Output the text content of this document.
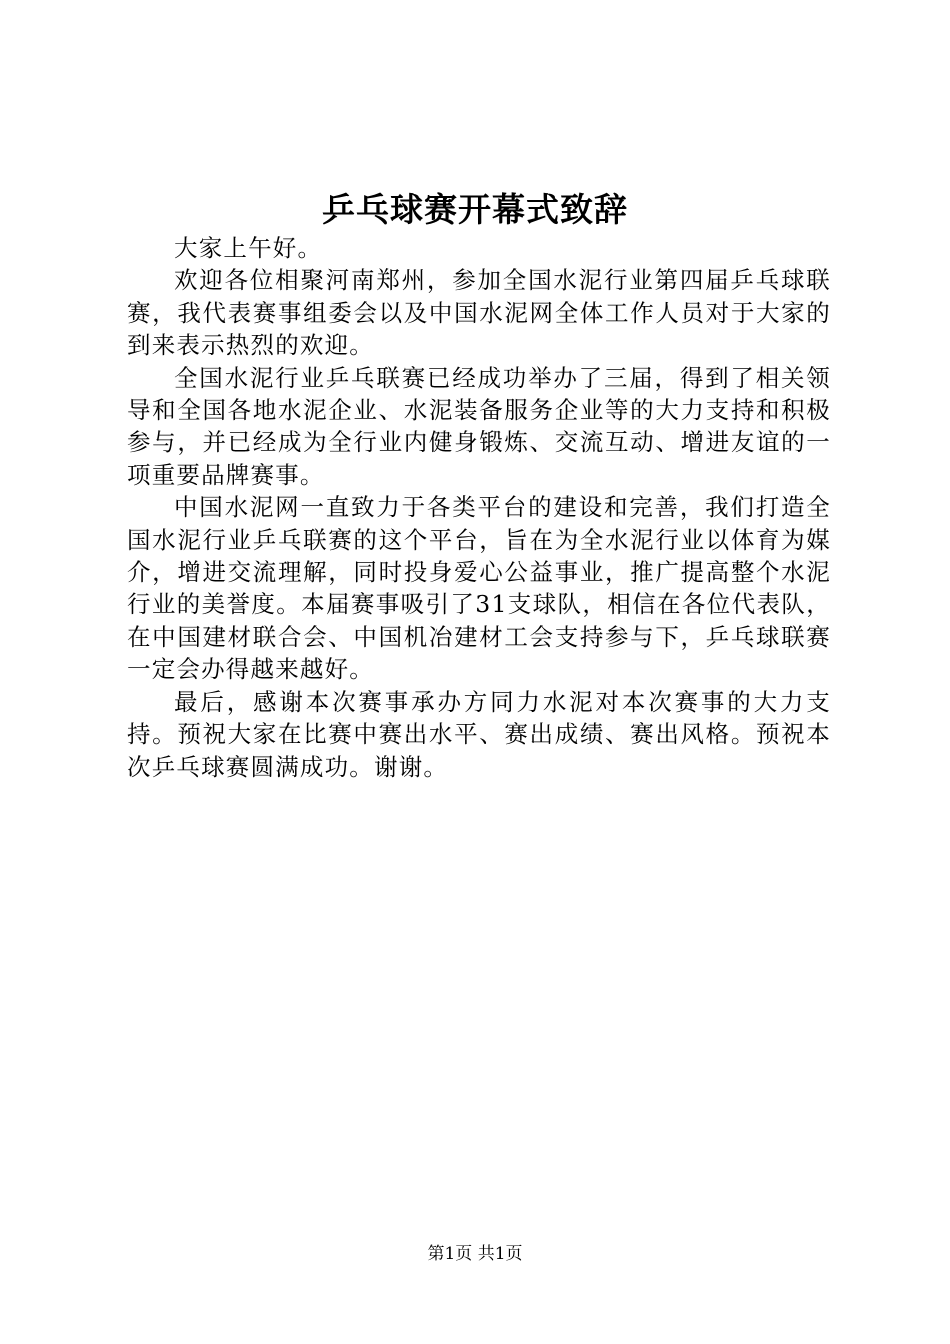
乒乓球赛开幕式致辞

大家上午好。

欢迎各位相聚河南郑州，参加全国水泥行业第四届乒乓球联赛，我代表赛事组委会以及中国水泥网全体工作人员对于大家的到来表示热烈的欢迎。

全国水泥行业乒乓联赛已经成功举办了三届，得到了相关领导和全国各地水泥企业、水泥装备服务企业等的大力支持和积极参与，并已经成为全行业内健身锻炼、交流互动、增进友谊的一项重要品牌赛事。

中国水泥网一直致力于各类平台的建设和完善，我们打造全国水泥行业乒乓联赛的这个平台，旨在为全水泥行业以体育为媒介，增进交流理解，同时投身爱心公益事业，推广提高整个水泥行业的美誉度。本届赛事吸引了31支球队，相信在各位代表队，在中国建材联合会、中国机冶建材工会支持参与下，乒乓球联赛一定会办得越来越好。

最后，感谢本次赛事承办方同力水泥对本次赛事的大力支持。预祝大家在比赛中赛出水平、赛出成绩、赛出风格。预祝本次乒乓球赛圆满成功。谢谢。

第1页 共1页
